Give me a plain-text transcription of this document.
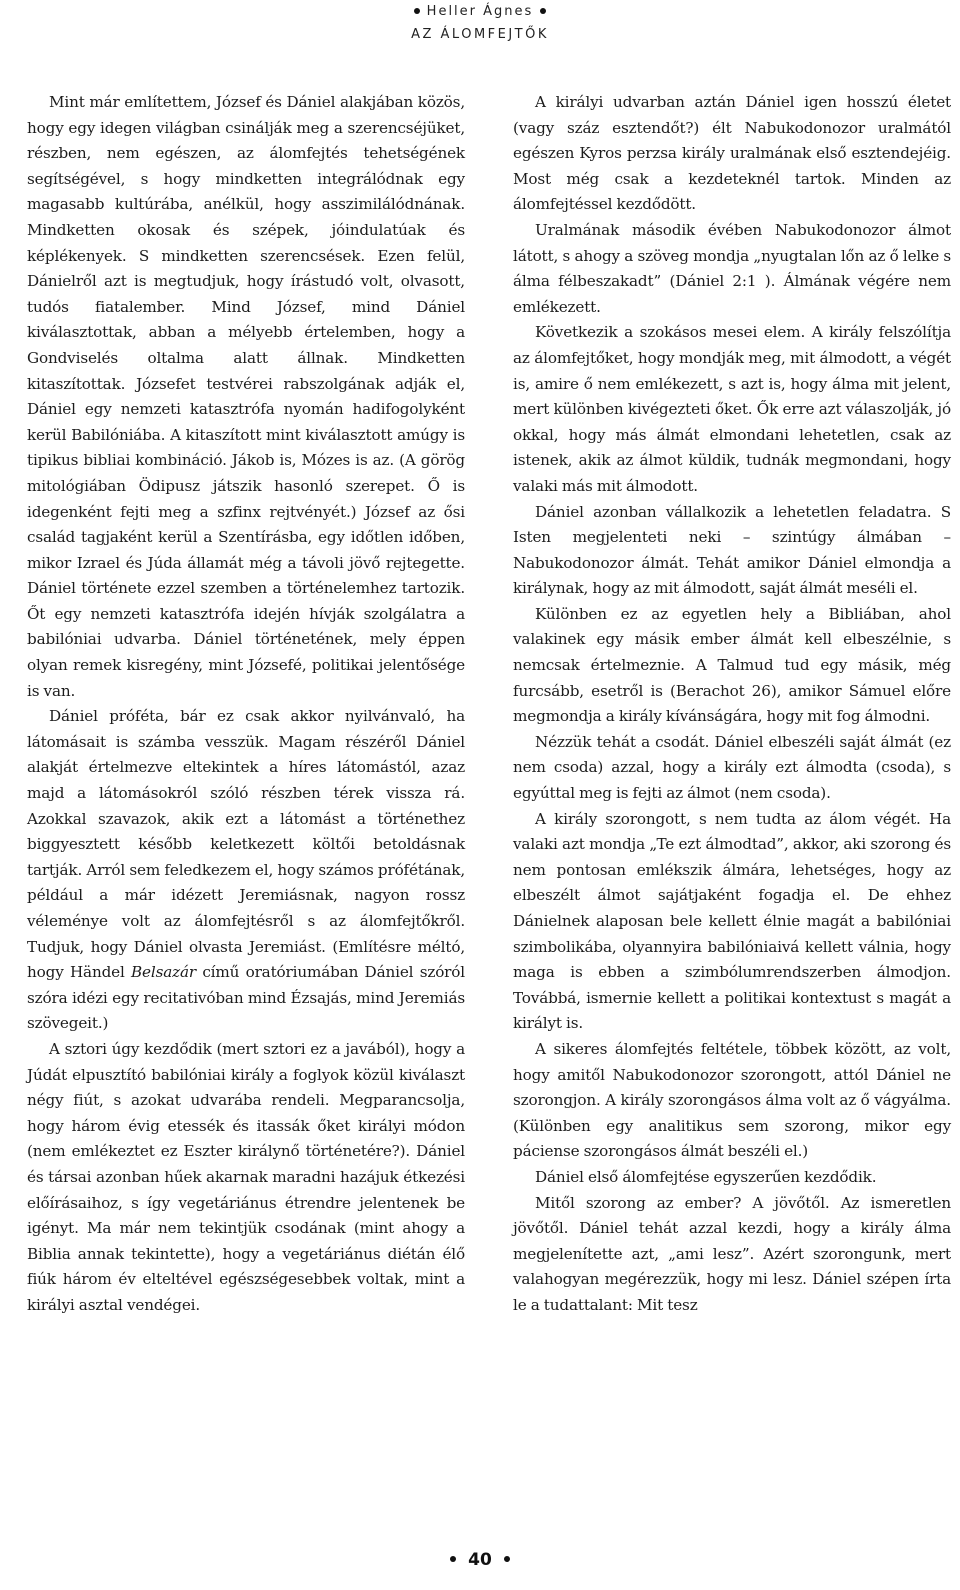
Heller Ágnes
AZ ÁLOMFEJTŐK

Mint már említettem, József és Dániel alakjában közös, hogy egy idegen világban csinálják meg a szerencséjüket, részben, nem egészen, az álomfejtés tehetségének segítségével, s hogy mindketten integrálódnak egy magasabb kultúrába, anélkül, hogy asszimilálódnának. Mindketten okosak és szépek, jóindulatúak és képlékenyek. S mindketten szerencsések. Ezen felül, Dánielről azt is megtudjuk, hogy írástudó volt, olvasott, tudós fiatalember. Mind József, mind Dániel kiválasztottak, abban a mélyebb értelemben, hogy a Gondviselés oltalma alatt állnak. Mindketten kitaszítottak. Józsefet testvérei rabszolgának adják el, Dániel egy nemzeti katasztrófa nyomán hadifogolyként kerül Babilóniába. A kitaszított mint kiválasztott amúgy is tipikus bibliai kombináció. Jákob is, Mózes is az. (A görög mitológiában Ödipusz játszik hasonló szerepet. Ő is idegenként fejti meg a szfinx rejtvényét.) József az ősi család tagjaként kerül a Szentírásba, egy időtlen időben, mikor Izrael és Júda államát még a távoli jövő rejtegette. Dániel története ezzel szemben a történelemhez tartozik. Őt egy nemzeti katasztrófa idején hívják szolgálatra a babilóniai udvarba. Dániel történetének, mely éppen olyan remek kisregény, mint Józsefé, politikai jelentősége is van.

Dániel próféta, bár ez csak akkor nyilvánvaló, ha látomásait is számba vesszük. Magam részéről Dániel alakját értelmezve eltekintek a híres látomástól, azaz majd a látomásokról szóló részben térek vissza rá. Azokkal szavazok, akik ezt a látomást a történethez biggyesztett később keletkezett költői betoldásnak tartják. Arról sem feledkezem el, hogy számos prófétának, például a már idézett Jeremiásnak, nagyon rossz véleménye volt az álomfejtésről s az álomfejtőkről. Tudjuk, hogy Dániel olvasta Jeremiást. (Említésre méltó, hogy Händel Belsazár című oratóriumában Dániel szóról szóra idézi egy recitativóban mind Ézsajás, mind Jeremiás szövegeit.)

A sztori úgy kezdődik (mert sztori ez a javából), hogy a Júdát elpusztító babilóniai király a foglyok közül kiválaszt négy fiút, s azokat udvarába rendeli. Megparancsolja, hogy három évig etessék és itassák őket királyi módon (nem emlékeztet ez Eszter királynő történetére?). Dániel és társai azonban hűek akarnak maradni hazájuk étkezési előírásaihoz, s így vegetáriánus étrendre jelentenek be igényt. Ma már nem tekintjük csodának (mint ahogy a Biblia annak tekintette), hogy a vegetáriánus diétán élő fiúk három év elteltével egészségesebbek voltak, mint a királyi asztal vendégei.

A királyi udvarban aztán Dániel igen hosszú életet (vagy száz esztendőt?) élt Nabukodonozor uralmától egészen Kyros perzsa király uralmának első esztendejéig. Most még csak a kezdeteknél tartok. Minden az álomfejtéssel kezdődött.

Uralmának második évében Nabukodonozor álmot látott, s ahogy a szöveg mondja „nyugtalan lőn az ő lelke s álma félbeszakadt” (Dániel 2:1 ). Álmának végére nem emlékezett.

Következik a szokásos mesei elem. A király felszólítja az álomfejtőket, hogy mondják meg, mit álmodott, a végét is, amire ő nem emlékezett, s azt is, hogy álma mit jelent, mert különben kivégezteti őket. Ők erre azt válaszolják, jó okkal, hogy más álmát elmondani lehetetlen, csak az istenek, akik az álmot küldik, tudnák megmondani, hogy valaki más mit álmodott.

Dániel azonban vállalkozik a lehetetlen feladatra. S Isten megjelenteti neki – szintúgy álmában – Nabukodonozor álmát. Tehát amikor Dániel elmondja a királynak, hogy az mit álmodott, saját álmát meséli el.

Különben ez az egyetlen hely a Bibliában, ahol valakinek egy másik ember álmát kell elbeszélnie, s nemcsak értelmeznie. A Talmud tud egy másik, még furcsább, esetről is (Berachot 26), amikor Sámuel előre megmondja a király kívánságára, hogy mit fog álmodni.

Nézzük tehát a csodát. Dániel elbeszéli saját álmát (ez nem csoda) azzal, hogy a király ezt álmodta (csoda), s egyúttal meg is fejti az álmot (nem csoda).

A király szorongott, s nem tudta az álom végét. Ha valaki azt mondja „Te ezt álmodtad”, akkor, aki szorong és nem pontosan emlékszik álmára, lehetséges, hogy az elbeszélt álmot sajátjaként fogadja el. De ehhez Dánielnek alaposan bele kellett élnie magát a babilóniai szimbolikába, olyannyira babilóniaivá kellett válnia, hogy maga is ebben a szimbólumrendszerben álmodjon. Továbbá, ismernie kellett a politikai kontextust s magát a királyt is.

A sikeres álomfejtés feltétele, többek között, az volt, hogy amitől Nabukodonozor szorongott, attól Dániel ne szorongjon. A király szorongásos álma volt az ő vágyálma. (Különben egy analitikus sem szorong, mikor egy páciense szorongásos álmát beszéli el.)

Dániel első álomfejtése egyszerűen kezdődik.

Mitől szorong az ember? A jövőtől. Az ismeretlen jövőtől. Dániel tehát azzal kezdi, hogy a király álma megjelenítette azt, „ami lesz”. Azért szorongunk, mert valahogyan megérezzük, hogy mi lesz. Dániel szépen írta le a tudattalant: Mit tesz

40
